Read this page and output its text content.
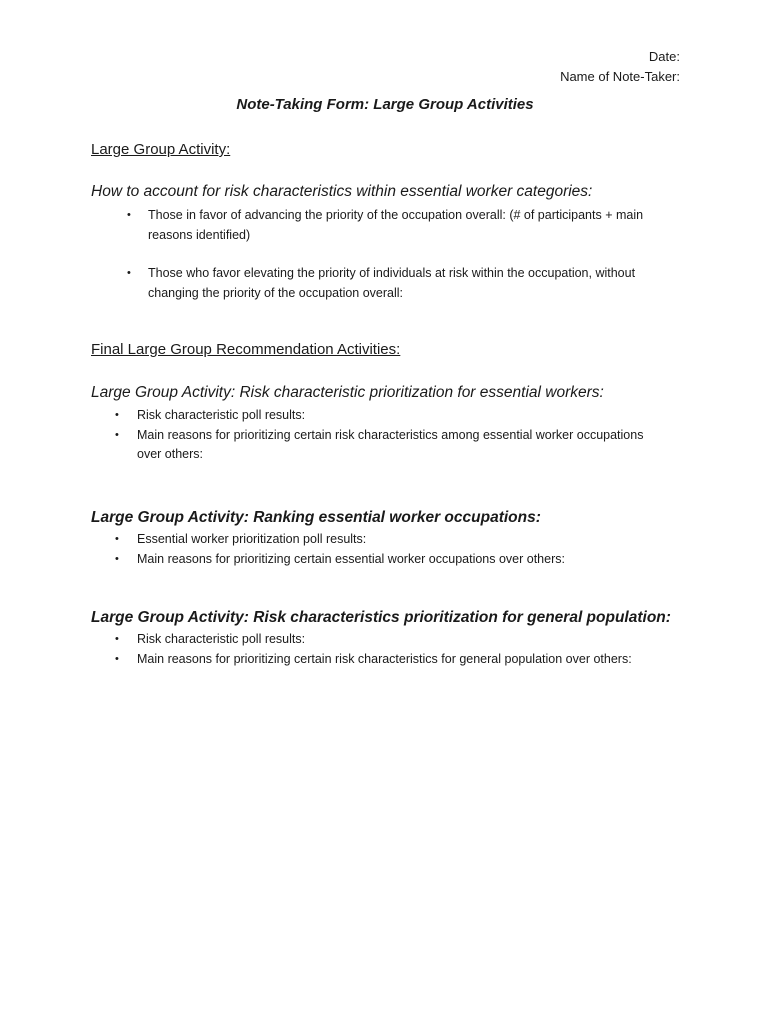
Date:
Name of Note-Taker:
Note-Taking Form: Large Group Activities
Large Group Activity:
How to account for risk characteristics within essential worker categories:
• Those in favor of advancing the priority of the occupation overall: (# of participants + main reasons identified)
• Those who favor elevating the priority of individuals at risk within the occupation, without changing the priority of the occupation overall:
Final Large Group Recommendation Activities:
Large Group Activity: Risk characteristic prioritization for essential workers:
• Risk characteristic poll results:
• Main reasons for prioritizing certain risk characteristics among essential worker occupations over others:
Large Group Activity: Ranking essential worker occupations:
• Essential worker prioritization poll results:
• Main reasons for prioritizing certain essential worker occupations over others:
Large Group Activity: Risk characteristics prioritization for general population:
• Risk characteristic poll results:
• Main reasons for prioritizing certain risk characteristics for general population over others:
